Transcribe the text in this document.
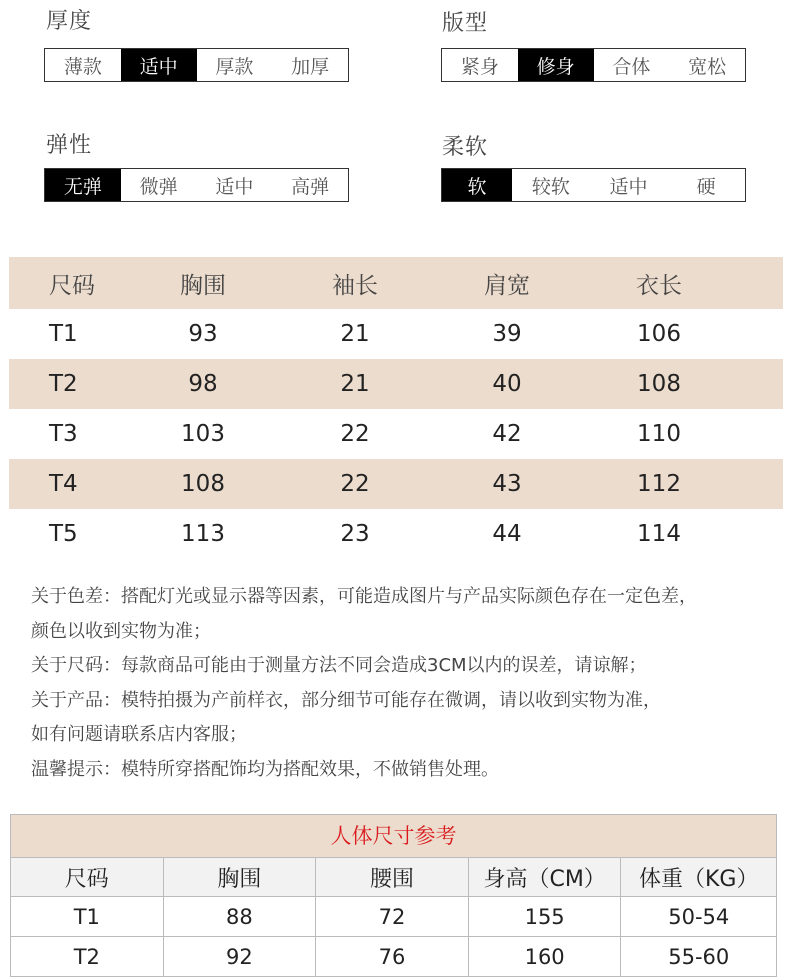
厚度
薄款	适中	厚款	加厚
版型
紧身	修身	合体	宽松
弹性
无弹	微弹	适中	高弹
柔软
软	较软	适中	硬
尺码	胸围	袖长	肩宽	衣长
T1	93	21	39	106
T2	98	21	40	108
T3	103	22	42	110
T4	108	22	43	112
T5	113	23	44	114
关于色差：搭配灯光或显示器等因素，可能造成图片与产品实际颜色存在一定色差，
颜色以收到实物为准；
关于尺码：每款商品可能由于测量方法不同会造成3CM以内的误差，请谅解；
关于产品：模特拍摄为产前样衣，部分细节可能存在微调，请以收到实物为准，
如有问题请联系店内客服；
温馨提示：模特所穿搭配饰均为搭配效果，不做销售处理。
人体尺寸参考
尺码	胸围	腰围	身高（CM）	体重（KG）
T1	88	72	155	50-54
T2	92	76	160	55-60
